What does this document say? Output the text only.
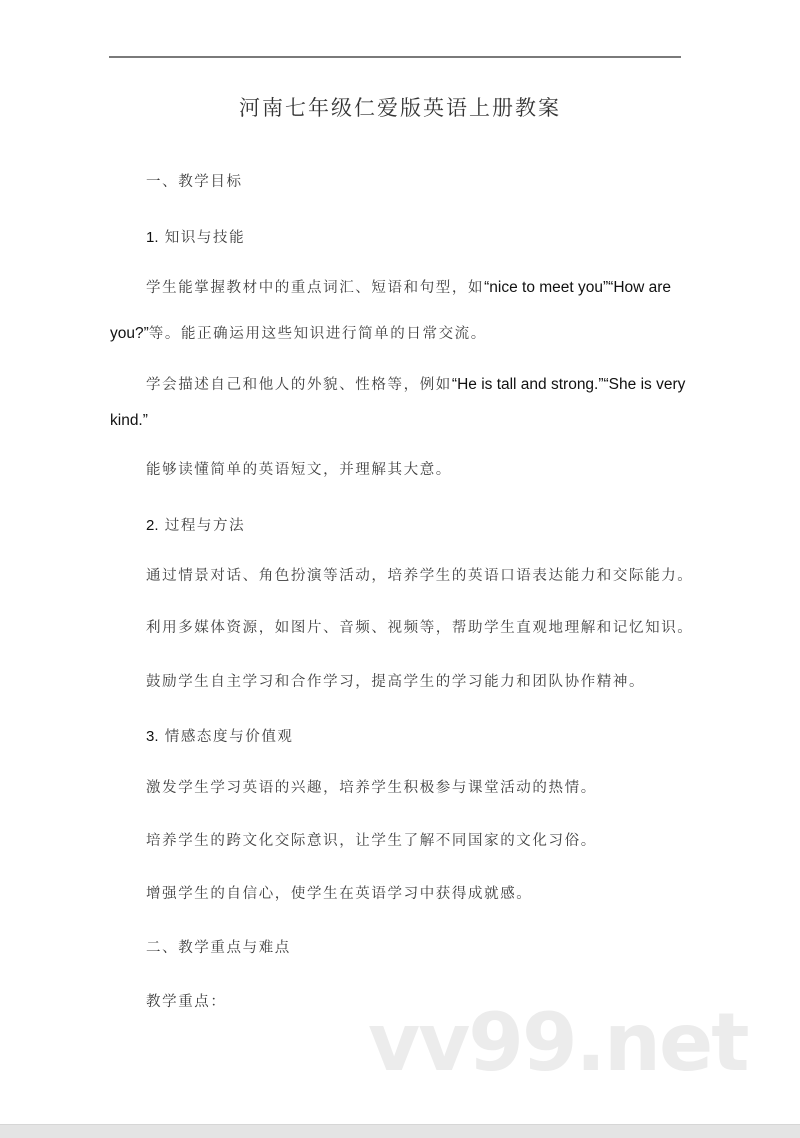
河南七年级仁爱版英语上册教案
一、教学目标
1. 知识与技能
学生能掌握教材中的重点词汇、短语和句型，如“nice to meet you”“How are
you?”等。能正确运用这些知识进行简单的日常交流。
学会描述自己和他人的外貌、性格等，例如“He is tall and strong.”“She is very
kind.”
能够读懂简单的英语短文，并理解其大意。
2. 过程与方法
通过情景对话、角色扮演等活动，培养学生的英语口语表达能力和交际能力。
利用多媒体资源，如图片、音频、视频等，帮助学生直观地理解和记忆知识。
鼓励学生自主学习和合作学习，提高学生的学习能力和团队协作精神。
3. 情感态度与价值观
激发学生学习英语的兴趣，培养学生积极参与课堂活动的热情。
培养学生的跨文化交际意识，让学生了解不同国家的文化习俗。
增强学生的自信心，使学生在英语学习中获得成就感。
二、教学重点与难点
教学重点： vv99.net
